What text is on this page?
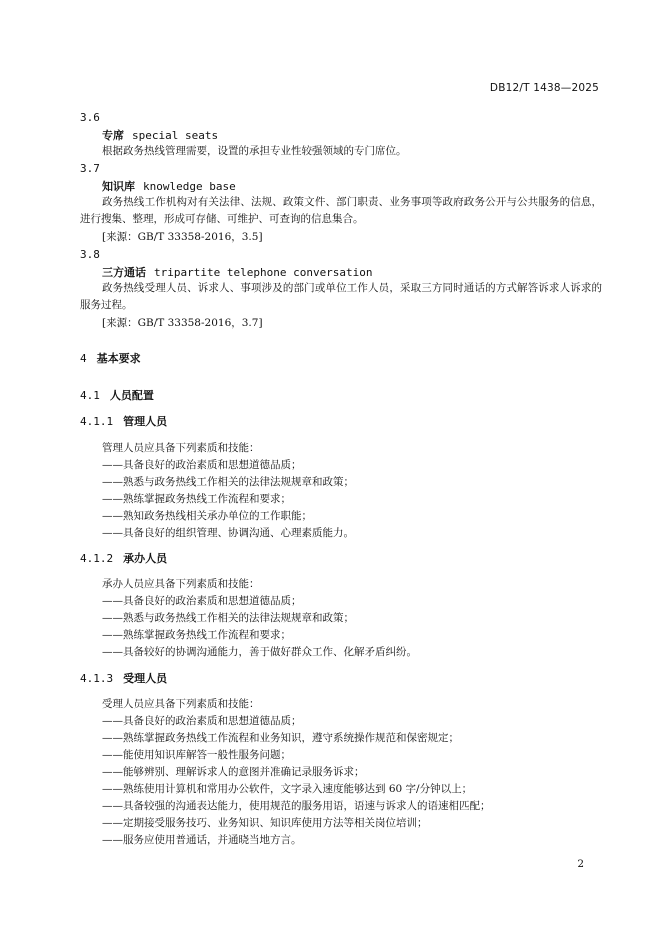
DB12/T 1438—2025
3.6
专席 special seats
根据政务热线管理需要，设置的承担专业性较强领域的专门席位。
3.7
知识库 knowledge base
政务热线工作机构对有关法律、法规、政策文件、部门职责、业务事项等政府政务公开与公共服务的信息，进行搜集、整理，形成可存储、可维护、可查询的信息集合。
[来源：GB/T 33358-2016，3.5]
3.8
三方通话 tripartite telephone conversation
政务热线受理人员、诉求人、事项涉及的部门或单位工作人员，采取三方同时通话的方式解答诉求人诉求的服务过程。
[来源：GB/T 33358-2016，3.7]
4 基本要求
4.1 人员配置
4.1.1 管理人员
管理人员应具备下列素质和技能：
——具备良好的政治素质和思想道德品质；
——熟悉与政务热线工作相关的法律法规规章和政策；
——熟练掌握政务热线工作流程和要求；
——熟知政务热线相关承办单位的工作职能；
——具备良好的组织管理、协调沟通、心理素质能力。
4.1.2 承办人员
承办人员应具备下列素质和技能：
——具备良好的政治素质和思想道德品质；
——熟悉与政务热线工作相关的法律法规规章和政策；
——熟练掌握政务热线工作流程和要求；
——具备较好的协调沟通能力，善于做好群众工作、化解矛盾纠纷。
4.1.3 受理人员
受理人员应具备下列素质和技能：
——具备良好的政治素质和思想道德品质；
——熟练掌握政务热线工作流程和业务知识，遵守系统操作规范和保密规定；
——能使用知识库解答一般性服务问题；
——能够辨别、理解诉求人的意图并准确记录服务诉求；
——熟练使用计算机和常用办公软件，文字录入速度能够达到 60 字/分钟以上；
——具备较强的沟通表达能力，使用规范的服务用语，语速与诉求人的语速相匹配；
——定期接受服务技巧、业务知识、知识库使用方法等相关岗位培训；
——服务应使用普通话，并通晓当地方言。
2
